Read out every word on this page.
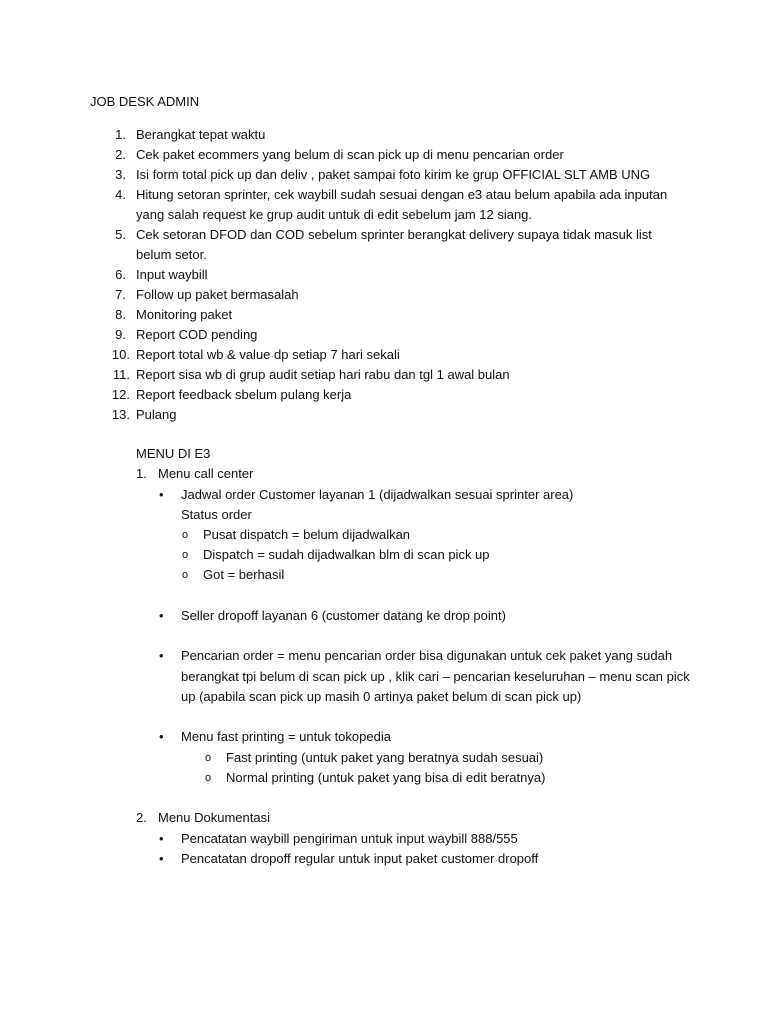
JOB DESK ADMIN
1. Berangkat tepat waktu
2. Cek paket ecommers yang belum di scan pick up di menu pencarian order
3. Isi form total pick up dan deliv , paket sampai foto kirim ke grup OFFICIAL SLT AMB UNG
4. Hitung setoran sprinter, cek waybill sudah sesuai dengan e3 atau belum apabila ada inputan
yang salah request ke grup audit untuk di edit sebelum jam 12 siang.
5. Cek setoran DFOD dan COD sebelum sprinter berangkat delivery supaya tidak masuk list
belum setor.
6. Input waybill
7. Follow up paket bermasalah
8. Monitoring paket
9. Report COD pending
10. Report total wb & value dp setiap 7 hari sekali
11. Report sisa wb di grup audit setiap hari rabu dan tgl 1 awal bulan
12. Report feedback sbelum pulang kerja
13. Pulang
MENU DI E3
1. Menu call center
• Jadwal order Customer layanan 1 (dijadwalkan sesuai sprinter area)
Status order
o Pusat dispatch = belum dijadwalkan
o Dispatch = sudah dijadwalkan blm di scan pick up
o Got = berhasil
• Seller dropoff layanan 6 (customer datang ke drop point)
• Pencarian order = menu pencarian order bisa digunakan untuk cek paket yang sudah
berangkat tpi belum di scan pick up , klik cari – pencarian keseluruhan – menu scan pick
up (apabila scan pick up masih 0 artinya paket belum di scan pick up)
• Menu fast printing = untuk tokopedia
o Fast printing (untuk paket yang beratnya sudah sesuai)
o Normal printing (untuk paket yang bisa di edit beratnya)
2. Menu Dokumentasi
• Pencatatan waybill pengiriman untuk input waybill 888/555
• Pencatatan dropoff regular untuk input paket customer dropoff
